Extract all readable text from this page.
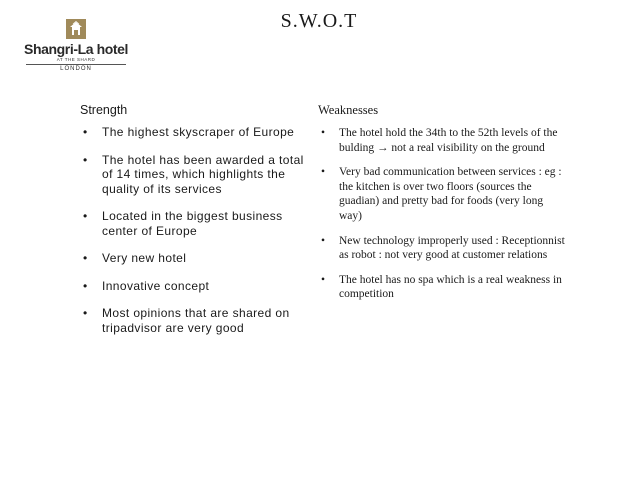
Shangri-La hotel
AT THE SHARD
LONDON
S.W.O.T
Strength
• The highest skyscraper of Europe
• The hotel has been awarded a total of 14 times, which highlights the quality of its services
• Located in the biggest business center of Europe
• Very new hotel
• Innovative concept
• Most opinions that are shared on tripadvisor are very good
Weaknesses
• The hotel hold the 34th to the 52th levels of the bulding → not a real visibility on the ground
• Very bad communication between services : eg : the kitchen is over two floors (sources the guadian) and pretty bad for foods (very long way)
• New technology improperly used : Receptionnist as robot : not very good at customer relations
• The hotel has no spa which is a real weakness in competition
